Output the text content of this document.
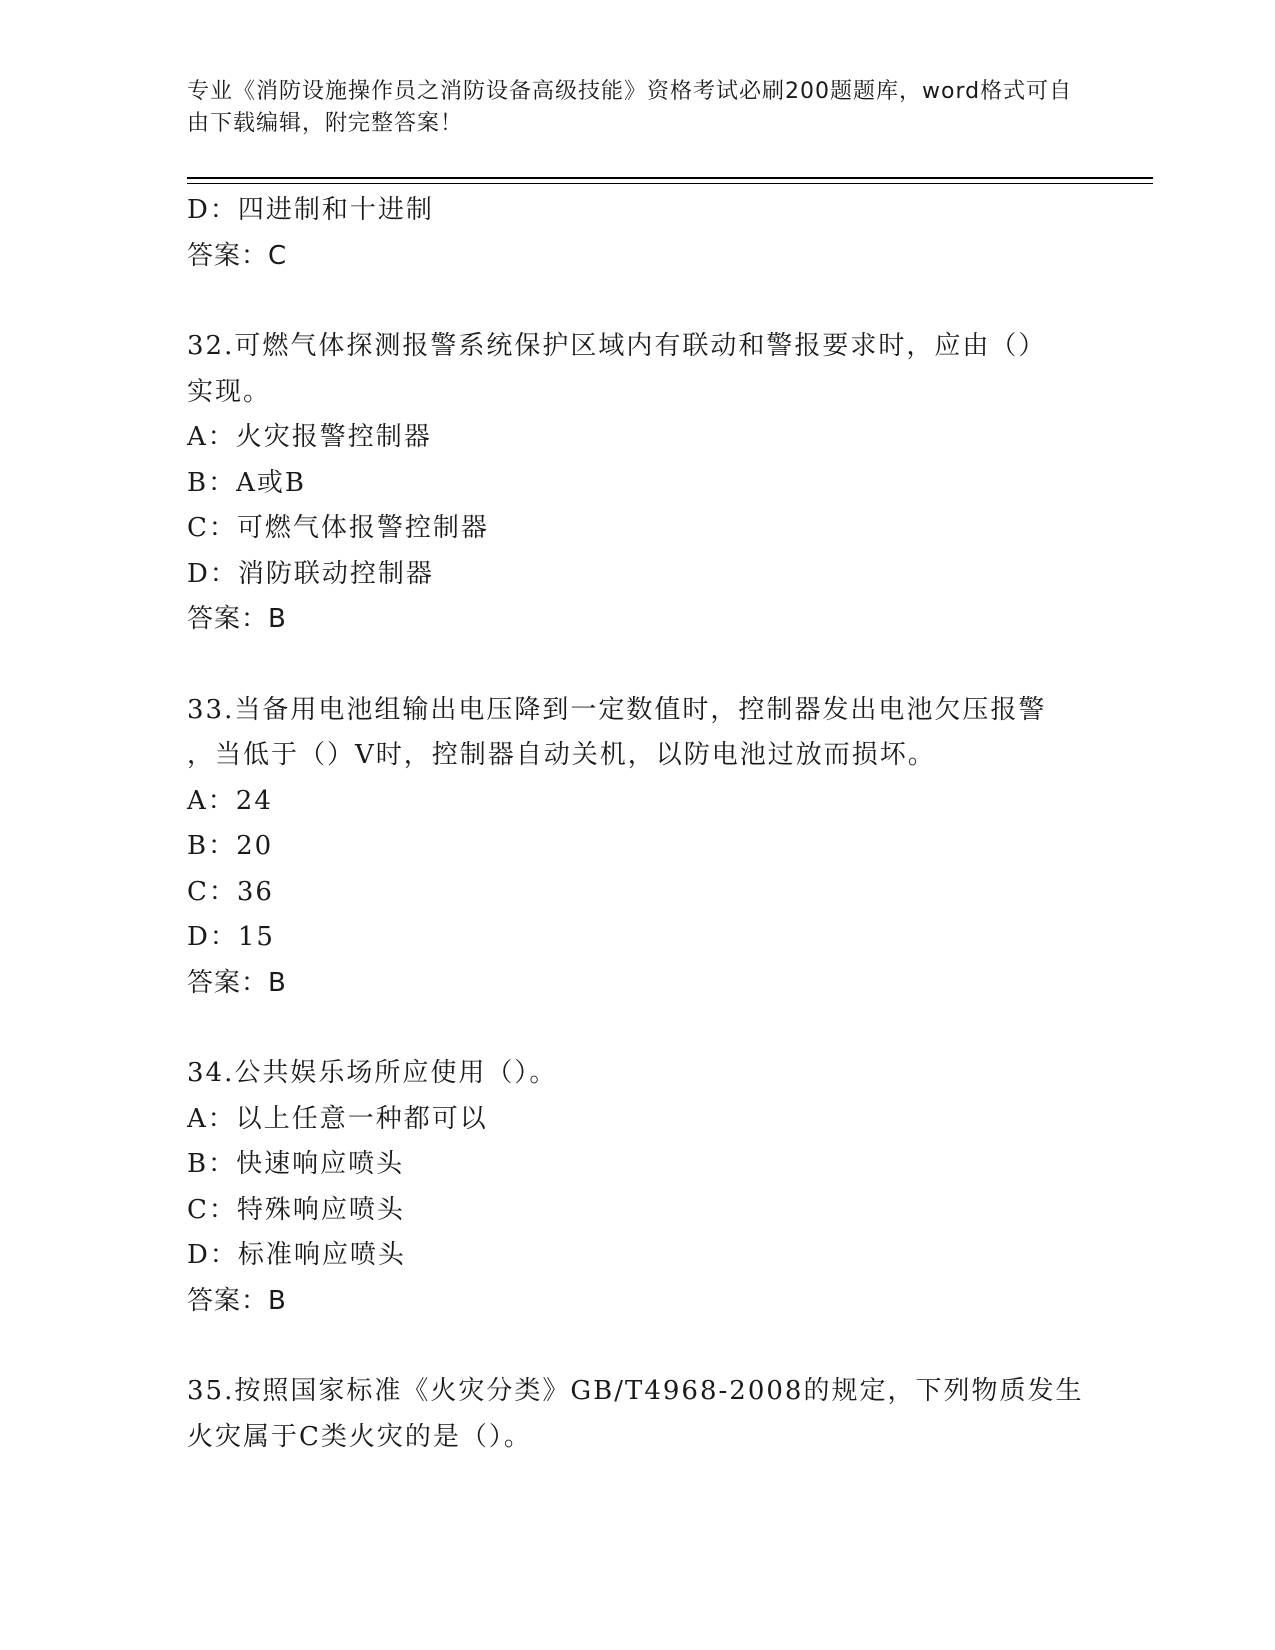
专业《消防设施操作员之消防设备高级技能》资格考试必刷200题题库，word格式可自由下载编辑，附完整答案！

D：四进制和十进制

答案：C

32.可燃气体探测报警系统保护区域内有联动和警报要求时，应由（）

实现。

A：火灾报警控制器

B：A或B

C：可燃气体报警控制器

D：消防联动控制器

答案：B

33.当备用电池组输出电压降到一定数值时，控制器发出电池欠压报警

，当低于（）V时，控制器自动关机，以防电池过放而损坏。

A：24

B：20

C：36

D：15

答案：B

34.公共娱乐场所应使用（）。

A：以上任意一种都可以

B：快速响应喷头

C：特殊响应喷头

D：标准响应喷头

答案：B

35.按照国家标准《火灾分类》GB/T4968-2008的规定，下列物质发生

火灾属于C类火灾的是（）。
